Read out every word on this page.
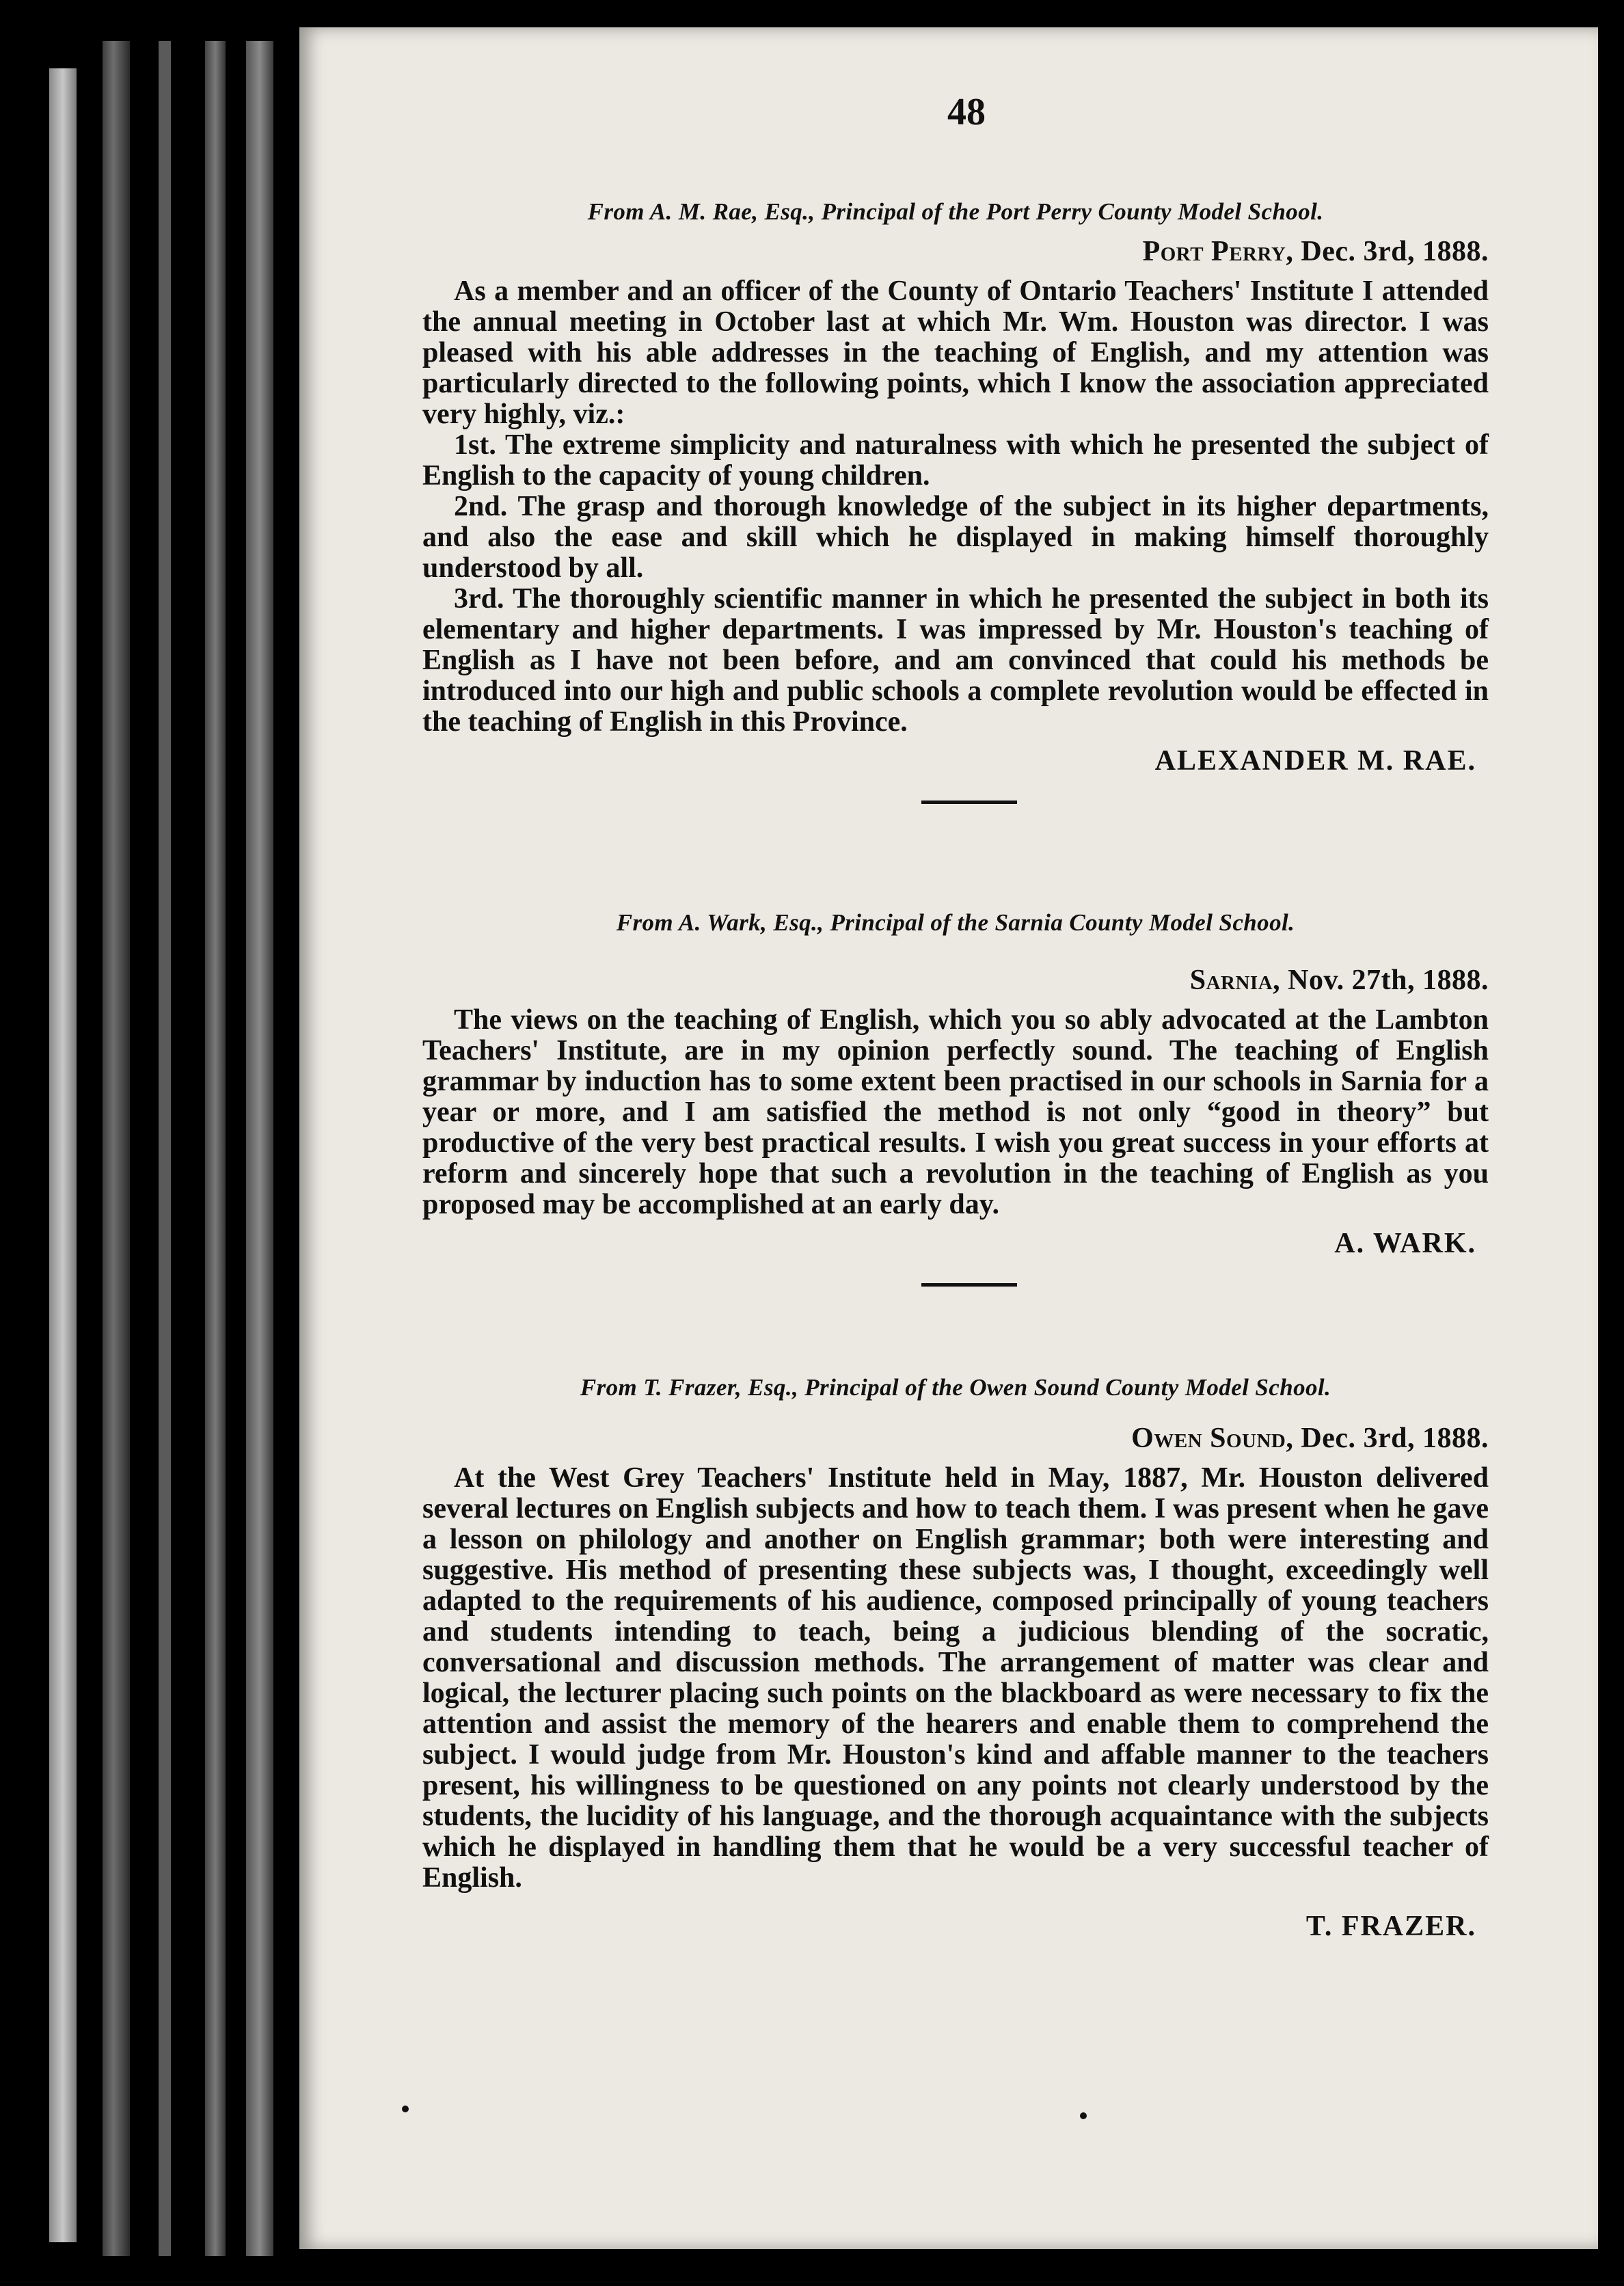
48

From A. M. Rae, Esq., Principal of the Port Perry County Model School.

Port Perry, Dec. 3rd, 1888.

As a member and an officer of the County of Ontario Teachers' Institute I attended the annual meeting in October last at which Mr. Wm. Houston was director. I was pleased with his able addresses in the teaching of English, and my attention was particularly directed to the following points, which I know the association appreciated very highly, viz.:

1st. The extreme simplicity and naturalness with which he presented the subject of English to the capacity of young children.

2nd. The grasp and thorough knowledge of the subject in its higher departments, and also the ease and skill which he displayed in making himself thoroughly understood by all.

3rd. The thoroughly scientific manner in which he presented the subject in both its elementary and higher departments. I was impressed by Mr. Houston's teaching of English as I have not been before, and am convinced that could his methods be introduced into our high and public schools a complete revolution would be effected in the teaching of English in this Province.

ALEXANDER M. RAE.

From A. Wark, Esq., Principal of the Sarnia County Model School.

Sarnia, Nov. 27th, 1888.

The views on the teaching of English, which you so ably advocated at the Lambton Teachers' Institute, are in my opinion perfectly sound. The teaching of English grammar by induction has to some extent been practised in our schools in Sarnia for a year or more, and I am satisfied the method is not only “good in theory” but productive of the very best practical results. I wish you great success in your efforts at reform and sincerely hope that such a revolution in the teaching of English as you proposed may be accomplished at an early day.

A. WARK.

From T. Frazer, Esq., Principal of the Owen Sound County Model School.

Owen Sound, Dec. 3rd, 1888.

At the West Grey Teachers' Institute held in May, 1887, Mr. Houston delivered several lectures on English subjects and how to teach them. I was present when he gave a lesson on philology and another on English grammar; both were interesting and suggestive. His method of presenting these subjects was, I thought, exceedingly well adapted to the requirements of his audience, composed principally of young teachers and students intending to teach, being a judicious blending of the socratic, conversational and discussion methods. The arrangement of matter was clear and logical, the lecturer placing such points on the blackboard as were necessary to fix the attention and assist the memory of the hearers and enable them to comprehend the subject. I would judge from Mr. Houston's kind and affable manner to the teachers present, his willingness to be questioned on any points not clearly understood by the students, the lucidity of his language, and the thorough acquaintance with the subjects which he displayed in handling them that he would be a very successful teacher of English.

T. FRAZER.
